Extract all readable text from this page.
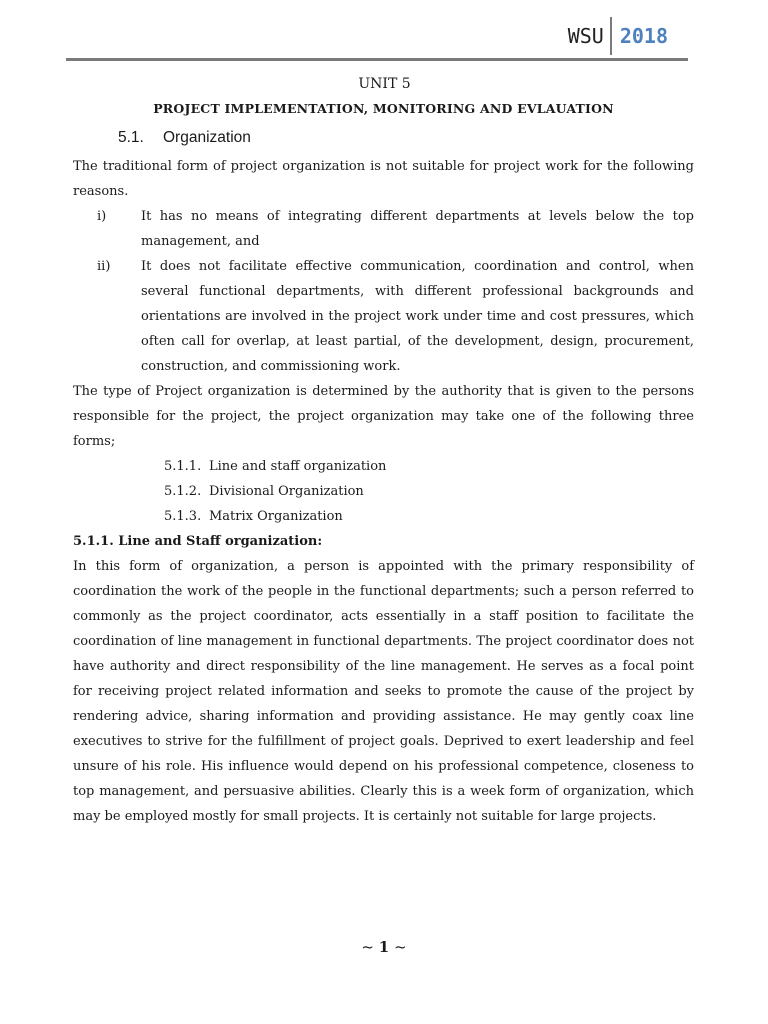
WSU 2018
UNIT 5
PROJECT IMPLEMENTATION, MONITORING AND EVLAUATION
5.1. Organization

The traditional form of project organization is not suitable for project work for the following reasons.

i)	It has no means of integrating different departments at levels below the top management, and
ii)	It does not facilitate effective communication, coordination and control, when several functional departments, with different professional backgrounds and orientations are involved in the project work under time and cost pressures, which often call for overlap, at least partial, of the development, design, procurement, construction, and commissioning work.

The type of Project organization is determined by the authority that is given to the persons responsible for the project, the project organization may take one of the following three forms;

5.1.1. Line and staff organization
5.1.2. Divisional Organization
5.1.3. Matrix Organization
5.1.1. Line and Staff organization:

In this form of organization, a person is appointed with the primary responsibility of coordination the work of the people in the functional departments; such a person referred to commonly as the project coordinator, acts essentially in a staff position to facilitate the coordination of line management in functional departments. The project coordinator does not have authority and direct responsibility of the line management. He serves as a focal point for receiving project related information and seeks to promote the cause of the project by rendering advice, sharing information and providing assistance. He may gently coax line executives to strive for the fulfillment of project goals. Deprived to exert leadership and feel unsure of his role. His influence would depend on his professional competence, closeness to top management, and persuasive abilities. Clearly this is a week form of organization, which may be employed mostly for small projects. It is certainly not suitable for large projects.

~ 1 ~
